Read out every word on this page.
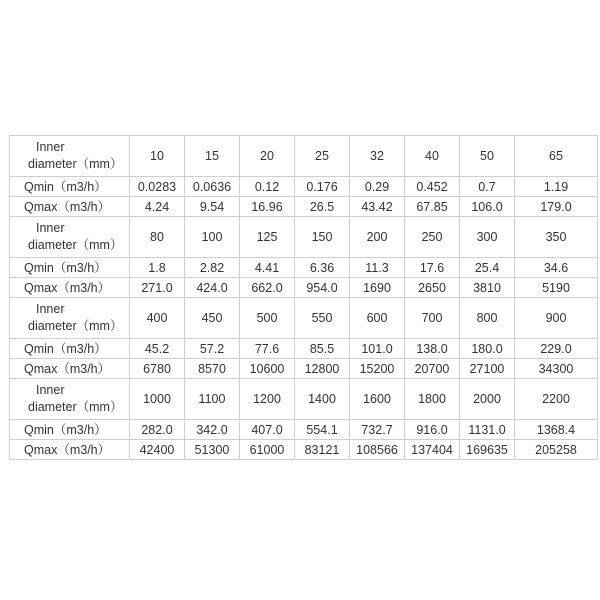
Inner
diameter（mm）	10	15	20	25	32	40	50	65
Qmin（m3/h）	0.0283	0.0636	0.12	0.176	0.29	0.452	0.7	1.19
Qmax（m3/h）	4.24	9.54	16.96	26.5	43.42	67.85	106.0	179.0

Inner
diameter（mm）	80	100	125	150	200	250	300	350
Qmin（m3/h）	1.8	2.82	4.41	6.36	11.3	17.6	25.4	34.6
Qmax（m3/h）	271.0	424.0	662.0	954.0	1690	2650	3810	5190

Inner
diameter（mm）	400	450	500	550	600	700	800	900
Qmin（m3/h）	45.2	57.2	77.6	85.5	101.0	138.0	180.0	229.0
Qmax（m3/h）	6780	8570	10600	12800	15200	20700	27100	34300

Inner
diameter（mm）	1000	1100	1200	1400	1600	1800	2000	2200
Qmin（m3/h）	282.0	342.0	407.0	554.1	732.7	916.0	1131.0	1368.4
Qmax（m3/h）	42400	51300	61000	83121	108566	137404	169635	205258
